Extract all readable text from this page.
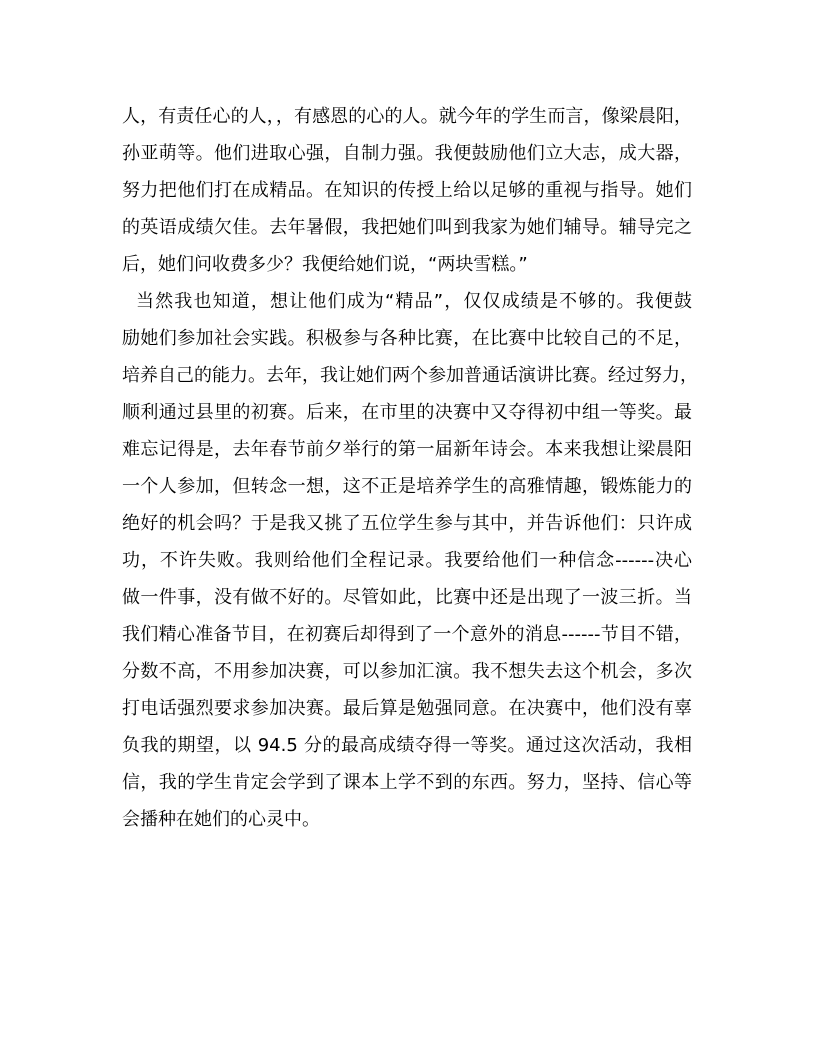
人，有责任心的人，，有感恩的心的人。就今年的学生而言，像梁晨阳，
孙亚萌等。他们进取心强，自制力强。我便鼓励他们立大志，成大器，
努力把他们打在成精品。在知识的传授上给以足够的重视与指导。她们
的英语成绩欠佳。去年暑假，我把她们叫到我家为她们辅导。辅导完之
后，她们问收费多少？我便给她们说，“两块雪糕。”
当然我也知道，想让他们成为“精品”，仅仅成绩是不够的。我便鼓
励她们参加社会实践。积极参与各种比赛，在比赛中比较自己的不足，
培养自己的能力。去年，我让她们两个参加普通话演讲比赛。经过努力，
顺利通过县里的初赛。后来，在市里的决赛中又夺得初中组一等奖。最
难忘记得是，去年春节前夕举行的第一届新年诗会。本来我想让梁晨阳
一个人参加，但转念一想，这不正是培养学生的高雅情趣，锻炼能力的
绝好的机会吗？于是我又挑了五位学生参与其中，并告诉他们：只许成
功，不许失败。我则给他们全程记录。我要给他们一种信念------决心
做一件事，没有做不好的。尽管如此，比赛中还是出现了一波三折。当
我们精心准备节目，在初赛后却得到了一个意外的消息------节目不错，
分数不高，不用参加决赛，可以参加汇演。我不想失去这个机会，多次
打电话强烈要求参加决赛。最后算是勉强同意。在决赛中，他们没有辜
负我的期望，以 94.5 分的最高成绩夺得一等奖。通过这次活动，我相
信，我的学生肯定会学到了课本上学不到的东西。努力，坚持、信心等
会播种在她们的心灵中。
